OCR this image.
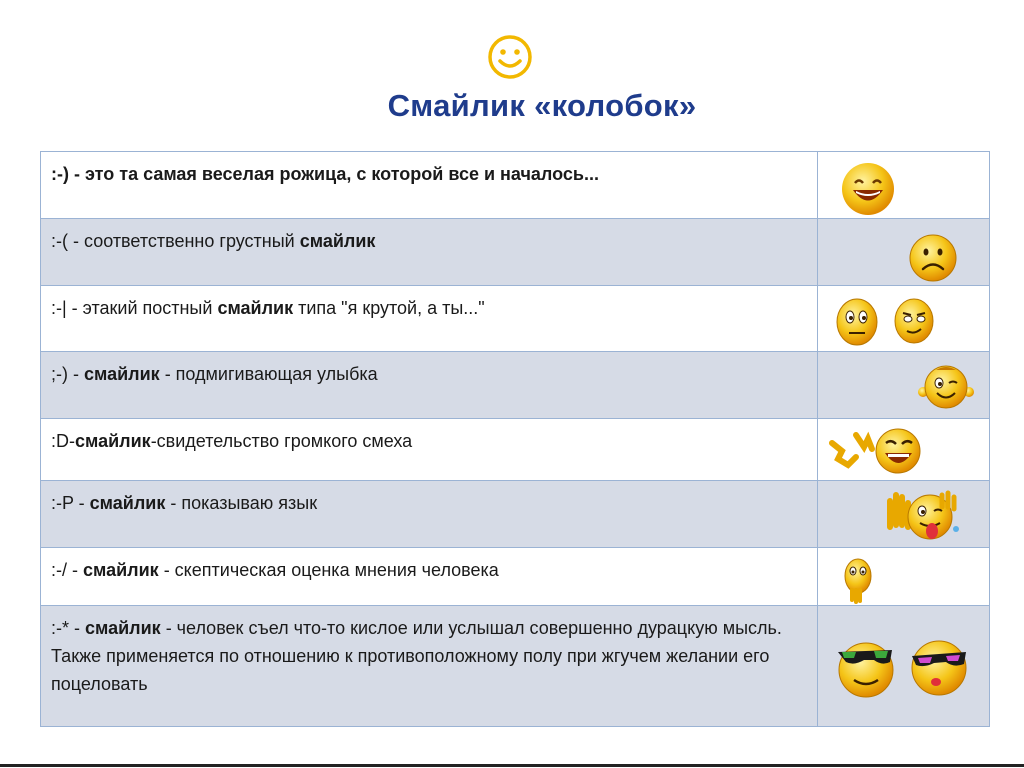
Смайлик «колобок»
:-) - это та самая веселая рожица, с которой все и началось...	

:-( - соответственно грустный смайлик	

:-| - этакий постный смайлик типа "я крутой, а ты..."	

;-) - смайлик - подмигивающая улыбка	

:D-смайлик-свидетельство громкого смеха	

:-P - смайлик - показываю язык	

:-/ - смайлик - скептическая оценка мнения человека	

:-* - смайлик - человек съел что-то кислое или услышал совершенно дурацкую мысль. Также применяется по отношению к противоположному полу при жгучем желании его поцеловать	
